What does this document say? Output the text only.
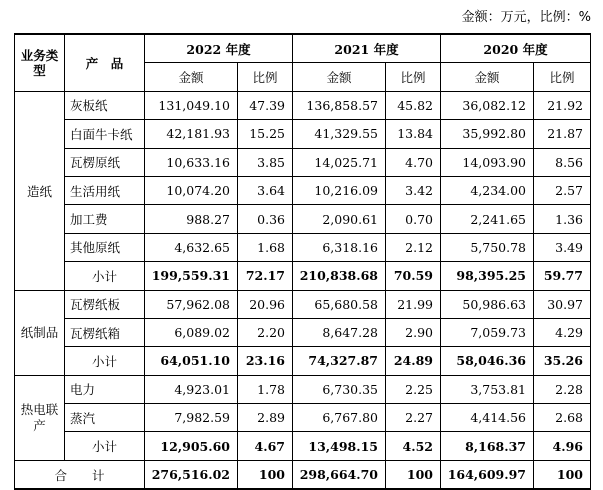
金额：万元，比例：%
业务类型	产　品	2022 年度		2021 年度		2020 年度	
		金额	比例	金额	比例	金额	比例
造纸	灰板纸	131,049.10	47.39	136,858.57	45.82	36,082.12	21.92
	白面牛卡纸	42,181.93	15.25	41,329.55	13.84	35,992.80	21.87
	瓦楞原纸	10,633.16	3.85	14,025.71	4.70	14,093.90	8.56
	生活用纸	10,074.20	3.64	10,216.09	3.42	4,234.00	2.57
	加工费	988.27	0.36	2,090.61	0.70	2,241.65	1.36
	其他原纸	4,632.65	1.68	6,318.16	2.12	5,750.78	3.49
	小计	199,559.31	72.17	210,838.68	70.59	98,395.25	59.77
纸制品	瓦楞纸板	57,962.08	20.96	65,680.58	21.99	50,986.63	30.97
	瓦楞纸箱	6,089.02	2.20	8,647.28	2.90	7,059.73	4.29
	小计	64,051.10	23.16	74,327.87	24.89	58,046.36	35.26
热电联产	电力	4,923.01	1.78	6,730.35	2.25	3,753.81	2.28
	蒸汽	7,982.59	2.89	6,767.80	2.27	4,414.56	2.68
	小计	12,905.60	4.67	13,498.15	4.52	8,168.37	4.96
合　　计		276,516.02	100	298,664.70	100	164,609.97	100
